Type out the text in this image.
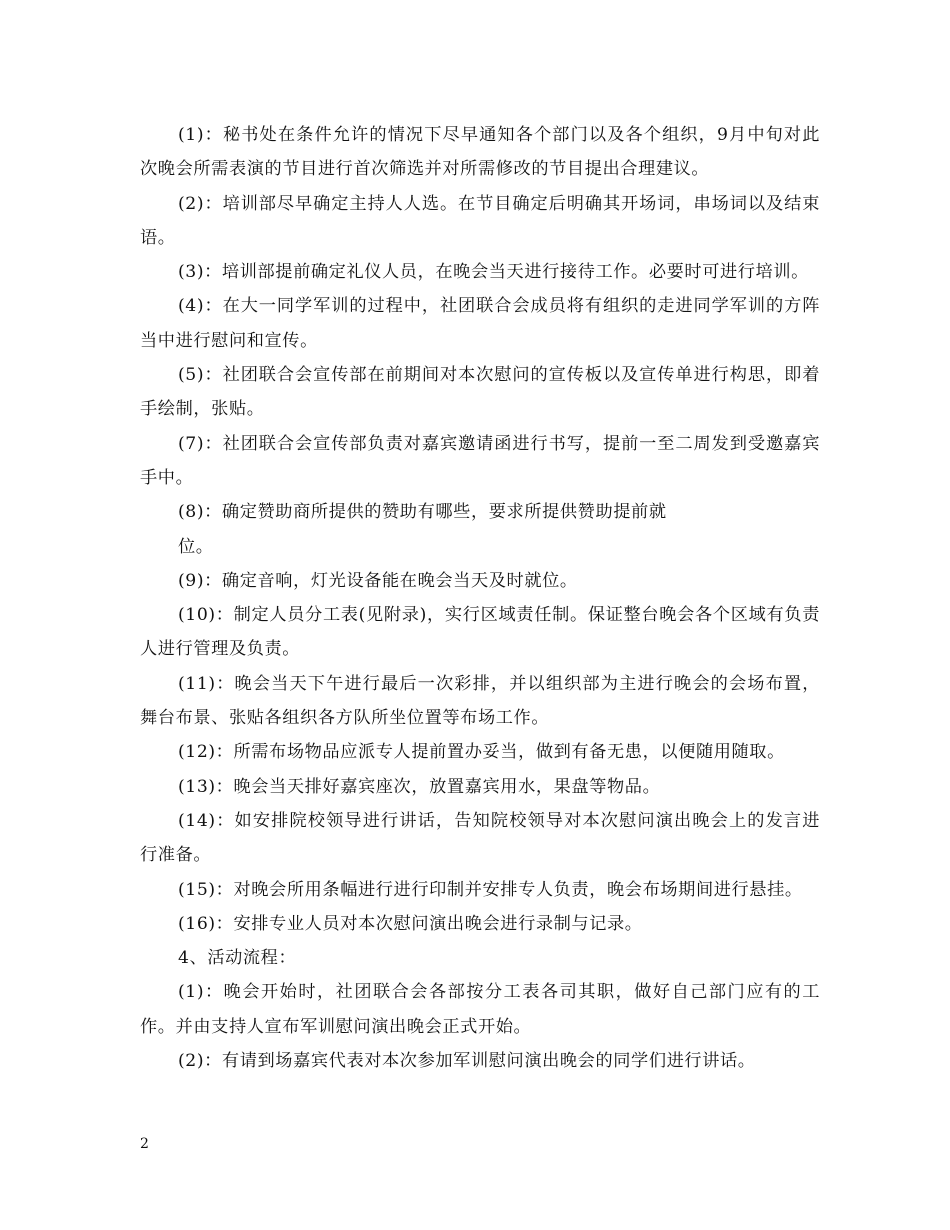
(1)：秘书处在条件允许的情况下尽早通知各个部门以及各个组织，9月中旬对此次晚会所需表演的节目进行首次筛选并对所需修改的节目提出合理建议。

(2)：培训部尽早确定主持人人选。在节目确定后明确其开场词，串场词以及结束语。

(3)：培训部提前确定礼仪人员，在晚会当天进行接待工作。必要时可进行培训。

(4)：在大一同学军训的过程中，社团联合会成员将有组织的走进同学军训的方阵当中进行慰问和宣传。

(5)：社团联合会宣传部在前期间对本次慰问的宣传板以及宣传单进行构思，即着手绘制，张贴。

(7)：社团联合会宣传部负责对嘉宾邀请函进行书写，提前一至二周发到受邀嘉宾手中。

(8)：确定赞助商所提供的赞助有哪些，要求所提供赞助提前就
位。

(9)：确定音响，灯光设备能在晚会当天及时就位。

(10)：制定人员分工表(见附录)，实行区域责任制。保证整台晚会各个区域有负责人进行管理及负责。

(11)：晚会当天下午进行最后一次彩排，并以组织部为主进行晚会的会场布置，舞台布景、张贴各组织各方队所坐位置等布场工作。

(12)：所需布场物品应派专人提前置办妥当，做到有备无患，以便随用随取。

(13)：晚会当天排好嘉宾座次，放置嘉宾用水，果盘等物品。

(14)：如安排院校领导进行讲话，告知院校领导对本次慰问演出晚会上的发言进行准备。

(15)：对晚会所用条幅进行进行印制并安排专人负责，晚会布场期间进行悬挂。

(16)：安排专业人员对本次慰问演出晚会进行录制与记录。

4、活动流程：

(1)：晚会开始时，社团联合会各部按分工表各司其职，做好自己部门应有的工作。并由支持人宣布军训慰问演出晚会正式开始。

(2)：有请到场嘉宾代表对本次参加军训慰问演出晚会的同学们进行讲话。

2
